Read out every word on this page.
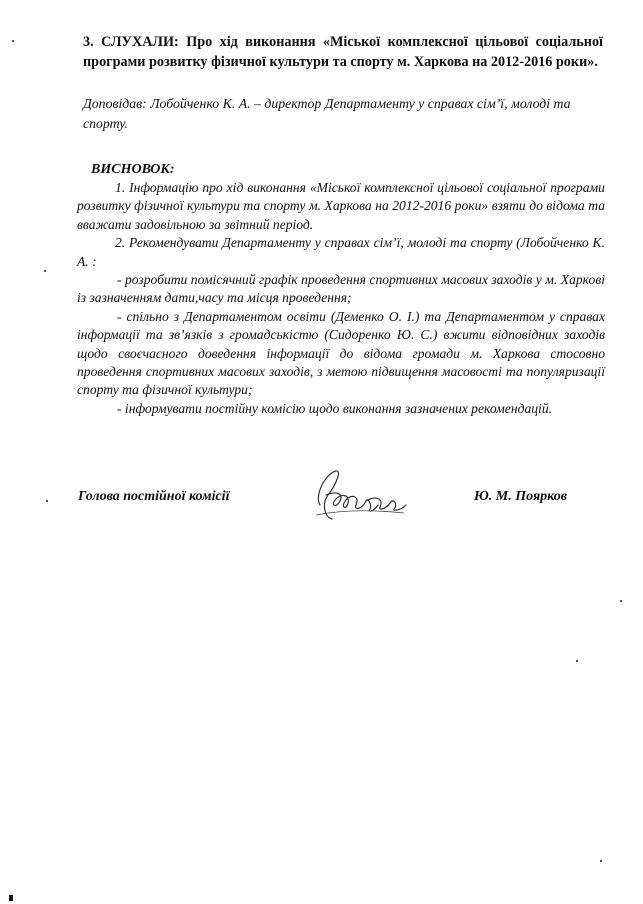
3. СЛУХАЛИ: Про хід виконання «Міської комплексної цільової соціальної програми розвитку фізичної культури та спорту м. Харкова на 2012-2016 роки».
Доповідав: Лобойченко К. А. – директор Департаменту у справах сім’ї, молоді та спорту.
ВИСНОВОК:

1. Інформацію про хід виконання «Міської комплексної цільової соціальної програми розвитку фізичної культури та спорту м. Харкова на 2012-2016 роки» взяти до відома та вважати задовільною за звітний період.

2. Рекомендувати Департаменту у справах сім’ї, молоді та спорту (Лобойченко К. А. :

- розробити помісячний графік проведення спортивних масових заходів у м. Харкові із зазначенням дати,часу та місця проведення;

- спільно з Департаментом освіти (Деменко О. І.) та Департаментом у справах інформації та зв’язків з громадськістю (Сидоренко Ю. С.) вжити відповідних заходів щодо своєчасного доведення інформації до відома громади м. Харкова стосовно проведення спортивних масових заходів, з метою підвищення масовості та популяризації спорту та фізичної культури;

- інформувати постійну комісію щодо виконання зазначених рекомендацій.

Голова постійної комісії	Ю. М. Поярков
